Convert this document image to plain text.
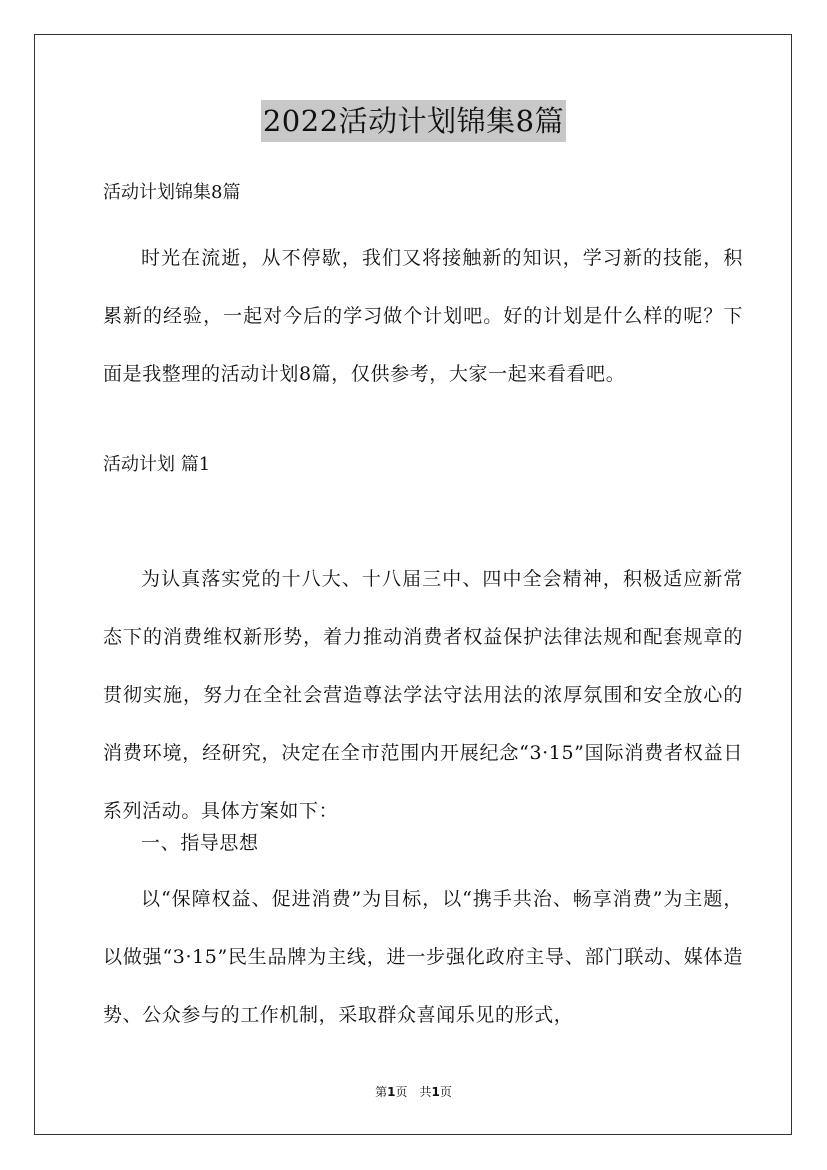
2022活动计划锦集8篇
活动计划锦集8篇

时光在流逝，从不停歇，我们又将接触新的知识，学习新的技能，积累新的经验，一起对今后的学习做个计划吧。好的计划是什么样的呢？下面是我整理的活动计划8篇，仅供参考，大家一起来看看吧。

活动计划 篇1

为认真落实党的十八大、十八届三中、四中全会精神，积极适应新常态下的消费维权新形势，着力推动消费者权益保护法律法规和配套规章的贯彻实施，努力在全社会营造尊法学法守法用法的浓厚氛围和安全放心的消费环境，经研究，决定在全市范围内开展纪念“3·15”国际消费者权益日系列活动。具体方案如下：

一、指导思想

以“保障权益、促进消费”为目标，以“携手共治、畅享消费”为主题，以做强“3·15”民生品牌为主线，进一步强化政府主导、部门联动、媒体造势、公众参与的工作机制，采取群众喜闻乐见的形式，

第1页　共1页
